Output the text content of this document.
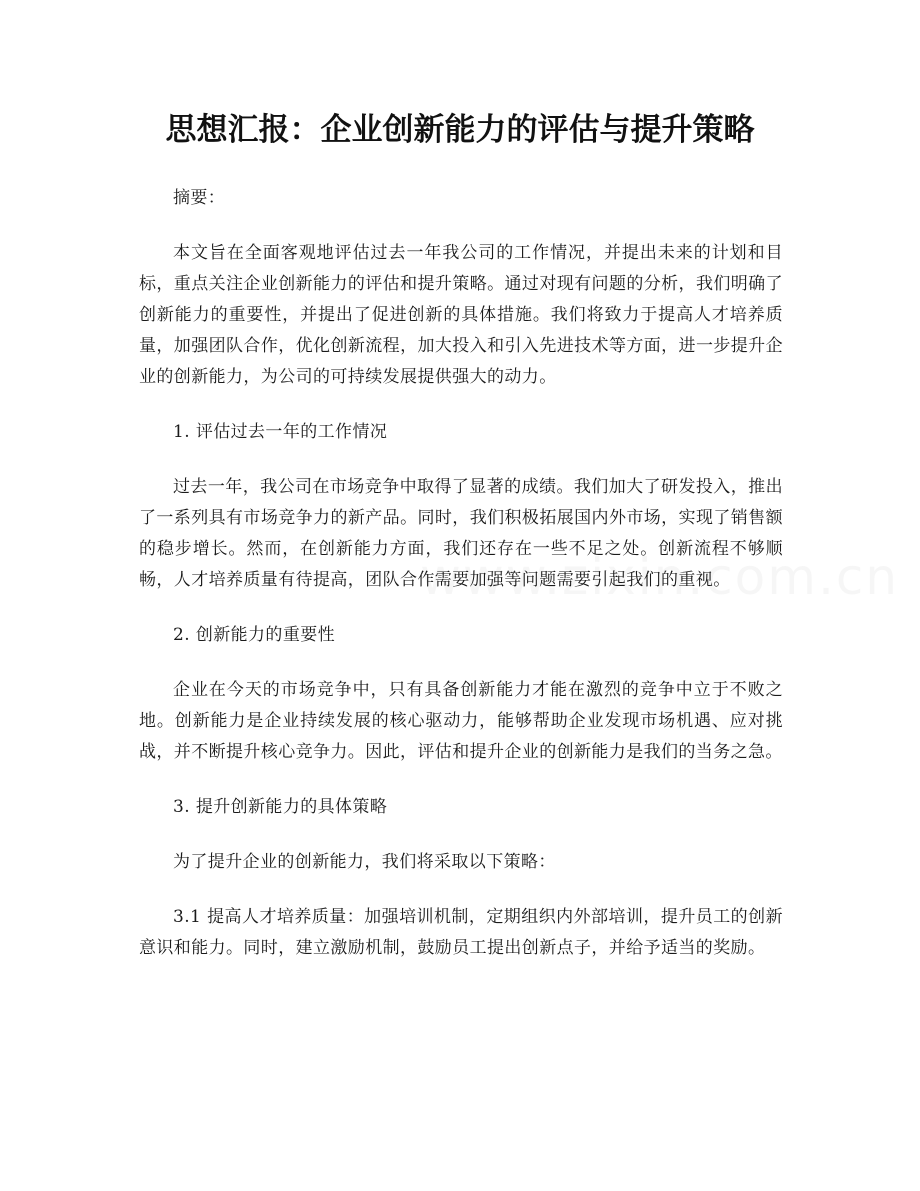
思想汇报：企业创新能力的评估与提升策略

摘要：

本文旨在全面客观地评估过去一年我公司的工作情况，并提出未来的计划和目标，重点关注企业创新能力的评估和提升策略。通过对现有问题的分析，我们明确了创新能力的重要性，并提出了促进创新的具体措施。我们将致力于提高人才培养质量，加强团队合作，优化创新流程，加大投入和引入先进技术等方面，进一步提升企业的创新能力，为公司的可持续发展提供强大的动力。

1. 评估过去一年的工作情况

过去一年，我公司在市场竞争中取得了显著的成绩。我们加大了研发投入，推出了一系列具有市场竞争力的新产品。同时，我们积极拓展国内外市场，实现了销售额的稳步增长。然而，在创新能力方面，我们还存在一些不足之处。创新流程不够顺畅，人才培养质量有待提高，团队合作需要加强等问题需要引起我们的重视。

2. 创新能力的重要性

企业在今天的市场竞争中，只有具备创新能力才能在激烈的竞争中立于不败之地。创新能力是企业持续发展的核心驱动力，能够帮助企业发现市场机遇、应对挑战，并不断提升核心竞争力。因此，评估和提升企业的创新能力是我们的当务之急。

3. 提升创新能力的具体策略

为了提升企业的创新能力，我们将采取以下策略：

3.1 提高人才培养质量：加强培训机制，定期组织内外部培训，提升员工的创新意识和能力。同时，建立激励机制，鼓励员工提出创新点子，并给予适当的奖励。
